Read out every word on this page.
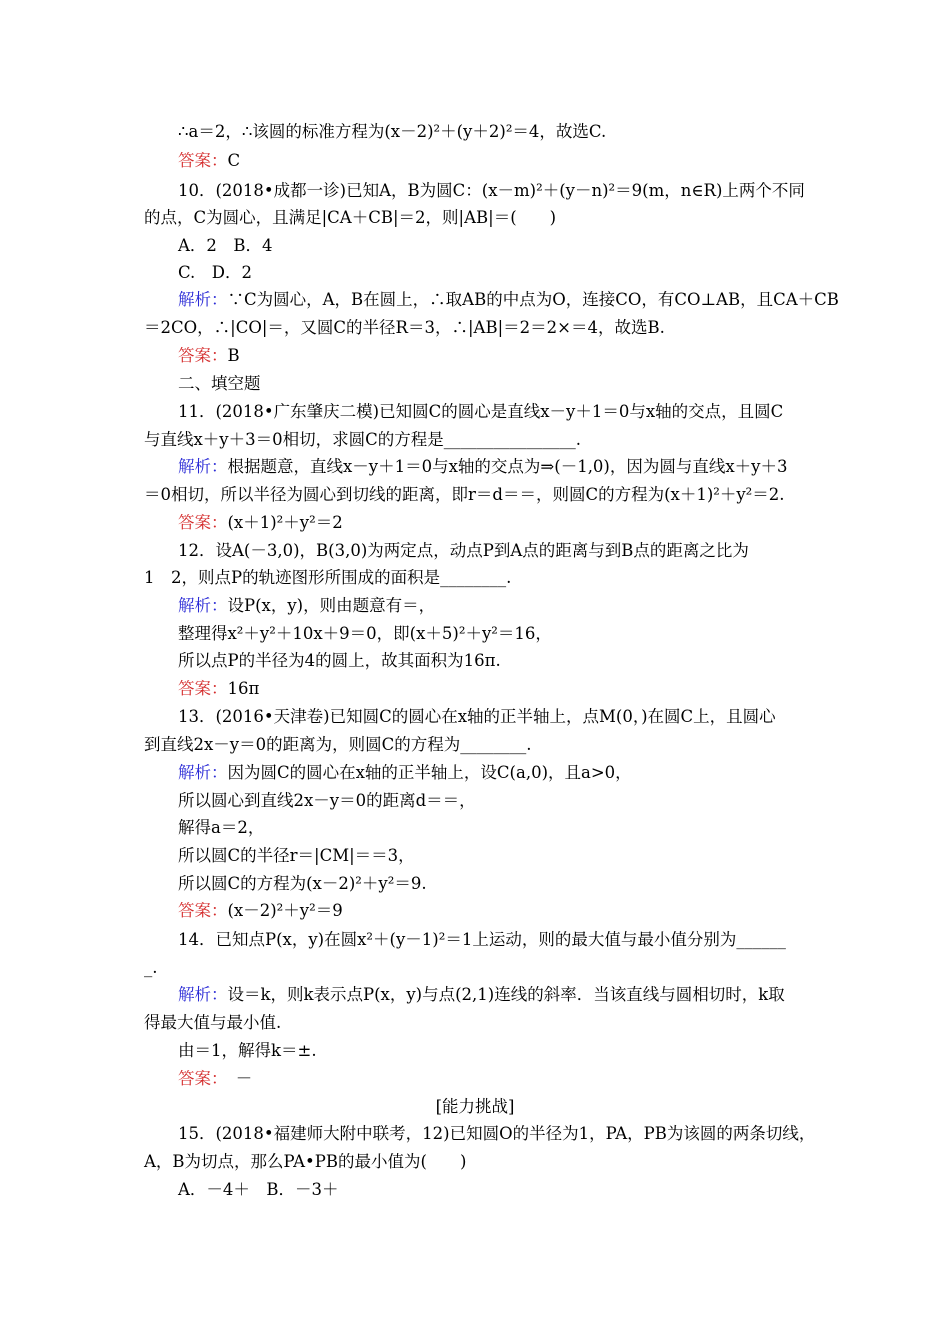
∴a＝2，∴该圆的标准方程为(x－2)²＋(y＋2)²＝4，故选C.
答案：C
10．(2018•成都一诊)已知A，B为圆C：(x－m)²＋(y－n)²＝9(m，n∈R)上两个不同
的点，C为圆心，且满足|CA＋CB|＝2，则|AB|＝(　　)
A．2　B．4
C.　D．2
解析：∵C为圆心，A，B在圆上，∴取AB的中点为O，连接CO，有CO⊥AB，且CA＋CB
＝2CO，∴|CO|＝，又圆C的半径R＝3，∴|AB|＝2＝2×＝4，故选B.
答案：B
二、填空题
11．(2018•广东肇庆二模)已知圆C的圆心是直线x－y＋1＝0与x轴的交点，且圆C
与直线x＋y＋3＝0相切，求圆C的方程是________________.
解析：根据题意，直线x－y＋1＝0与x轴的交点为⇒(－1,0)，因为圆与直线x＋y＋3
＝0相切，所以半径为圆心到切线的距离，即r＝d＝＝，则圆C的方程为(x＋1)²＋y²＝2.
答案：(x＋1)²＋y²＝2
12．设A(－3,0)，B(3,0)为两定点，动点P到A点的距离与到B点的距离之比为
1　2，则点P的轨迹图形所围成的面积是________.
解析：设P(x，y)，则由题意有＝，
整理得x²＋y²＋10x＋9＝0，即(x＋5)²＋y²＝16，
所以点P的半径为4的圆上，故其面积为16π.
答案：16π
13．(2016•天津卷)已知圆C的圆心在x轴的正半轴上，点M(0，)在圆C上，且圆心
到直线2x－y＝0的距离为，则圆C的方程为________.
解析：因为圆C的圆心在x轴的正半轴上，设C(a,0)，且a>0，
所以圆心到直线2x－y＝0的距离d＝＝，
解得a＝2，
所以圆C的半径r＝|CM|＝＝3，
所以圆C的方程为(x－2)²＋y²＝9.
答案：(x－2)²＋y²＝9
14．已知点P(x，y)在圆x²＋(y－1)²＝1上运动，则的最大值与最小值分别为______
_.
解析：设＝k，则k表示点P(x，y)与点(2,1)连线的斜率．当该直线与圆相切时，k取
得最大值与最小值.
由＝1，解得k＝±.
答案：　－
[能力挑战]
15．(2018•福建师大附中联考，12)已知圆O的半径为1，PA，PB为该圆的两条切线，
A，B为切点，那么PA•PB的最小值为(　　)
A．－4＋　B．－3＋
